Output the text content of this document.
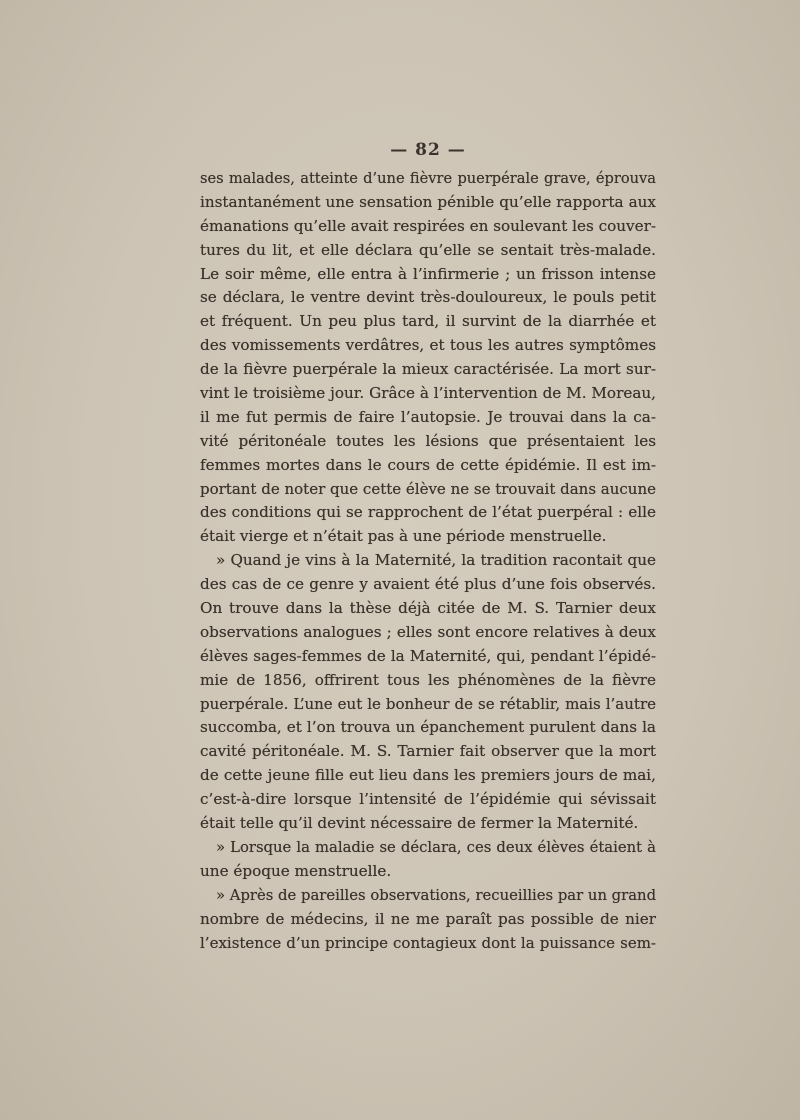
— 82 —
ses malades, atteinte d’une fièvre puerpérale grave, éprouva
instantanément une sensation pénible qu’elle rapporta aux
émanations qu’elle avait respirées en soulevant les couver-
tures du lit, et elle déclara qu’elle se sentait très-malade.
Le soir même, elle entra à l’infirmerie ; un frisson intense
se déclara, le ventre devint très-douloureux, le pouls petit
et fréquent. Un peu plus tard, il survint de la diarrhée et
des vomissements verdâtres, et tous les autres symptômes
de la fièvre puerpérale la mieux caractérisée. La mort sur-
vint le troisième jour. Grâce à l’intervention de M. Moreau,
il me fut permis de faire l’autopsie. Je trouvai dans la ca-
vité péritonéale toutes les lésions que présentaient les
femmes mortes dans le cours de cette épidémie. Il est im-
portant de noter que cette élève ne se trouvait dans aucune
des conditions qui se rapprochent de l’état puerpéral : elle
était vierge et n’était pas à une période menstruelle.
» Quand je vins à la Maternité, la tradition racontait que
des cas de ce genre y avaient été plus d’une fois observés.
On trouve dans la thèse déjà citée de M. S. Tarnier deux
observations analogues ; elles sont encore relatives à deux
élèves sages-femmes de la Maternité, qui, pendant l’épidé-
mie de 1856, offrirent tous les phénomènes de la fièvre
puerpérale. L’une eut le bonheur de se rétablir, mais l’autre
succomba, et l’on trouva un épanchement purulent dans la
cavité péritonéale. M. S. Tarnier fait observer que la mort
de cette jeune fille eut lieu dans les premiers jours de mai,
c’est-à-dire lorsque l’intensité de l’épidémie qui sévissait
était telle qu’il devint nécessaire de fermer la Maternité.
» Lorsque la maladie se déclara, ces deux élèves étaient à
une époque menstruelle.
» Après de pareilles observations, recueillies par un grand
nombre de médecins, il ne me paraît pas possible de nier
l’existence d’un principe contagieux dont la puissance sem-
